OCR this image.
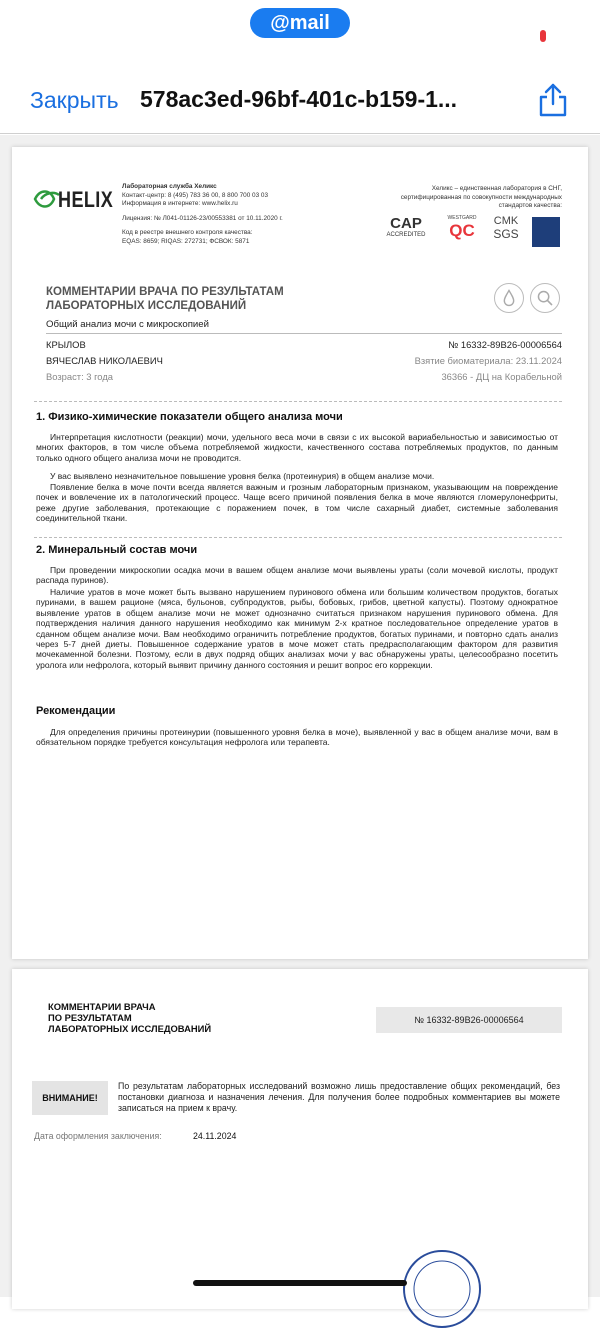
@mail
Закрыть 578ac3ed-96bf-401c-b159-1...
HELIX
Лабораторная служба Хеликс
Контакт-центр: 8 (495) 783 36 00, 8 800 700 03 03
Информация в интернете: www.helix.ru
Лицензия: № Л041-01126-23/00553381 от 10.11.2020 г.
Код в реестре внешнего контроля качества:
EQAS: 8659; RIQAS: 272731; ФСВОК: 5871
Хеликс – единственная лаборатория в СНГ,
сертифицированная по совокупности международных
стандартов качества:
CAP
ACCREDITED
WESTGARD
QC	CMK
SGS
КОММЕНТАРИИ ВРАЧА ПО РЕЗУЛЬТАТАМ
ЛАБОРАТОРНЫХ ИССЛЕДОВАНИЙ
Общий анализ мочи с микроскопией
КРЫЛОВ
ВЯЧЕСЛАВ НИКОЛАЕВИЧ
Возраст: 3 года
№ 16332-89B26-00006564
Взятие биоматериала: 23.11.2024
36366 - ДЦ на Корабельной
1. Физико-химические показатели общего анализа мочи
Интерпретация кислотности (реакции) мочи, удельного веса мочи в связи с их высокой вариабельностью и зависимостью от многих факторов, в том числе объема потребляемой жидкости, качественного состава потребляемых продуктов, по данным только одного общего анализа мочи не проводится.
У вас выявлено незначительное повышение уровня белка (протеинурия) в общем анализе мочи.
Появление белка в моче почти всегда является важным и грозным лабораторным признаком, указывающим на повреждение почек и вовлечение их в патологический процесс. Чаще всего причиной появления белка в моче являются гломерулонефриты, реже другие заболевания, протекающие с поражением почек, в том числе сахарный диабет, системные заболевания соединительной ткани.
2. Минеральный состав мочи
При проведении микроскопии осадка мочи в вашем общем анализе мочи выявлены ураты (соли мочевой кислоты, продукт распада пуринов).
Наличие уратов в моче может быть вызвано нарушением пуринового обмена или большим количеством продуктов, богатых пуринами, в вашем рационе (мяса, бульонов, субпродуктов, рыбы, бобовых, грибов, цветной капусты). Поэтому однократное выявление уратов в общем анализе мочи не может однозначно считаться признаком нарушения пуринового обмена. Для подтверждения наличия данного нарушения необходимо как минимум 2-х кратное последовательное определение уратов в сданном общем анализе мочи. Вам необходимо ограничить потребление продуктов, богатых пуринами, и повторно сдать анализ через 5-7 дней диеты. Повышенное содержание уратов в моче может стать предрасполагающим фактором для развития мочекаменной болезни. Поэтому, если в двух подряд общих анализах мочи у вас обнаружены ураты, целесообразно посетить уролога или нефролога, который выявит причину данного состояния и решит вопрос его коррекции.
Рекомендации
Для определения причины протеинурии (повышенного уровня белка в моче), выявленной у вас в общем анализе мочи, вам в обязательном порядке требуется консультация нефролога или терапевта.
КОММЕНТАРИИ ВРАЧА
ПО РЕЗУЛЬТАТАМ
ЛАБОРАТОРНЫХ ИССЛЕДОВАНИЙ
№ 16332-89B26-00006564
ВНИМАНИЕ!
По результатам лабораторных исследований возможно лишь предоставление общих рекомендаций, без постановки диагноза и назначения лечения. Для получения более подробных комментариев вы можете записаться на прием к врачу.
Дата оформления заключения:	24.11.2024
